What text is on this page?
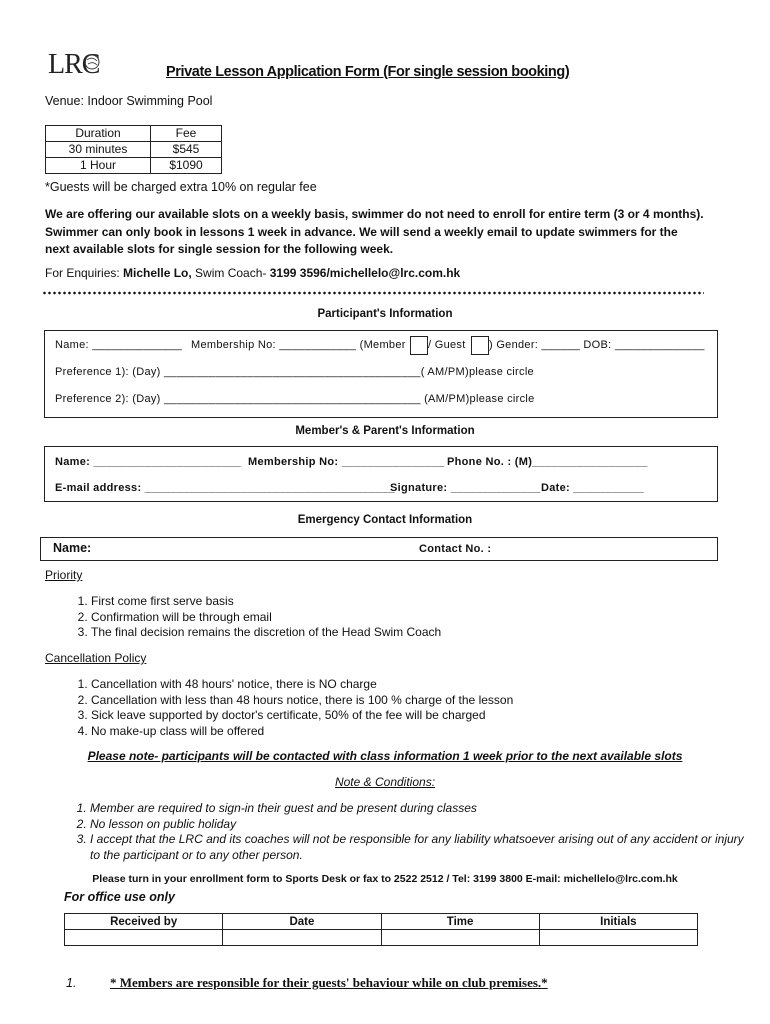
LRC	Private Lesson Application Form (For single session booking)
Venue: Indoor Swimming Pool
Duration	Fee
30 minutes	$545
1 Hour	$1090
*Guests will be charged extra 10% on regular fee
We are offering our available slots on a weekly basis, swimmer do not need to enroll for entire term (3 or 4 months). Swimmer can only book in lessons 1 week in advance. We will send a weekly email to update swimmers for the next available slots for single session for the following week.
For Enquiries: Michelle Lo, Swim Coach- 3199 3596/michellelo@lrc.com.hk
Participant's Information
Name: ______________ Membership No: ____________ (Member / Guest ) Gender: ______ DOB: ______________
Preference 1): (Day) ________________________________________( AM/PM)please circle
Preference 2): (Day) ________________________________________ (AM/PM)please circle
Member's & Parent's Information
Name: _______________________ Membership No: ________________ Phone No. : (M)__________________
E-mail address: _______________________________________
Signature: ______________ Date: ___________
Emergency Contact Information
Name:	Contact No. :
Priority
1. First come first serve basis
2. Confirmation will be through email
3. The final decision remains the discretion of the Head Swim Coach
Cancellation Policy
1. Cancellation with 48 hours' notice, there is NO charge
2. Cancellation with less than 48 hours notice, there is 100 % charge of the lesson
3. Sick leave supported by doctor's certificate, 50% of the fee will be charged
4. No make-up class will be offered
Please note- participants will be contacted with class information 1 week prior to the next available slots
Note & Conditions:
1. Member are required to sign-in their guest and be present during classes
2. No lesson on public holiday
3. I accept that the LRC and its coaches will not be responsible for any liability whatsoever arising out of any accident or injury to the participant or to any other person.
Please turn in your enrollment form to Sports Desk or fax to 2522 2512 / Tel: 3199 3800 E-mail: michellelo@lrc.com.hk
For office use only
Received by	Date	Time	Initials

1.	* Members are responsible for their guests' behaviour while on club premises.*
